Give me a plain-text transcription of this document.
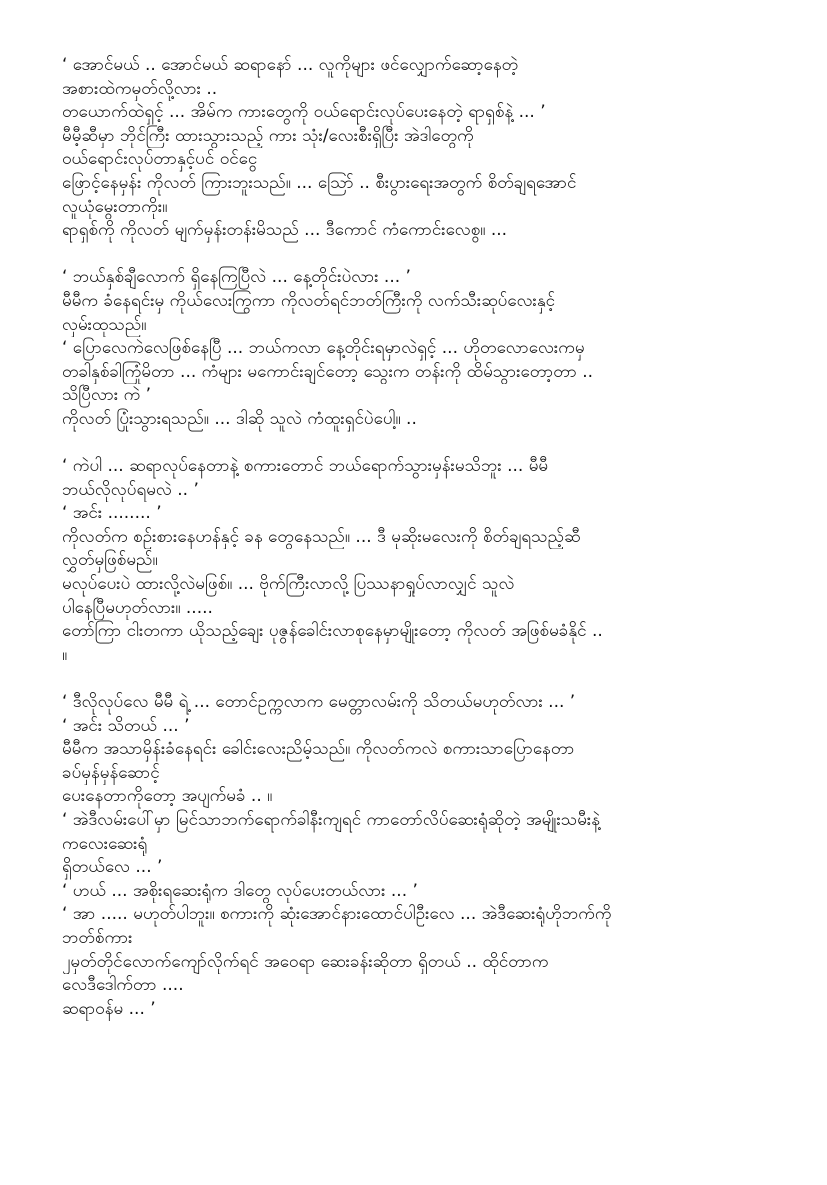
‘ အောင်မယ် .. အောင်မယ် ဆရာနော် ... လူကိုများ ဖင်လျှောက်ဆော့နေတဲ့
အစားထဲကမှတ်လို့လား ..
တယောက်ထဲရှင့် ... အိမ်က ကားတွေကို ဝယ်ရောင်းလုပ်ပေးနေတဲ့ ရာရှစ်နဲ့ ... ’
မီမီ့ဆီမှာ ဘိုင်ကြီး ထားသွားသည့် ကား သုံး/လေးစီးရှိပြီး အဲဒါတွေကို
ဝယ်ရောင်းလုပ်တာနှင့်ပင် ဝင်ငွေ
ဖြောင့်နေမှန်း ကိုလတ် ကြားဘူးသည်။ ... သြော် .. စီးပွားရေးအတွက် စိတ်ချရအောင်
လူယုံမွေးတာကိုး။
ရာရှစ်ကို ကိုလတ် မျက်မှန်းတန်းမိသည် ... ဒီကောင် ကံကောင်းလေစွ။ ...
‘ ဘယ်နှစ်ချီလောက် ရှိနေကြပြီလဲ ... နေ့တိုင်းပဲလား ... ’
မီမီက ခံနေရင်းမှ ကိုယ်လေးကြွကာ ကိုလတ်ရင်ဘတ်ကြီးကို လက်သီးဆုပ်လေးနှင့်
လှမ်းထုသည်။
‘ ပြောလေကဲလေဖြစ်နေပြီ ... ဘယ်ကလာ နေ့တိုင်းရမှာလဲရှင့် ... ဟိုတလောလေးကမှ
တခါနှစ်ခါကြုံမိတာ ... ကံများ မကောင်းချင်တော့ သွေးက တန်းကို ထိမ်သွားတော့တာ ..
သိပြီလား ကဲ ’
ကိုလတ် ပြုံးသွားရသည်။ ... ဒါဆို သူလဲ ကံထူးရှင်ပဲပေါ့။ ..
‘ ကဲပါ ... ဆရာလုပ်နေတာနဲ့ စကားတောင် ဘယ်ရောက်သွားမှန်းမသိဘူး ... မီမီ
ဘယ်လိုလုပ်ရမလဲ .. ’
‘ အင်း ........ ’
ကိုလတ်က စဉ်းစားနေဟန်နှင့် ခန တွေနေသည်။ ... ဒီ မုဆိုးမလေးကို စိတ်ချရသည့်ဆီ
လွှတ်မှဖြစ်မည်။
မလုပ်ပေးပဲ ထားလို့လဲမဖြစ်။ ... ဗိုက်ကြီးလာလို့ ပြဿနာရှုပ်လာလျှင် သူလဲ
ပါနေပြီမဟုတ်လား။ .....
တော်ကြာ ငါးတကာ ယိုသည့်ချေး ပုဇွန်ခေါင်းလာစုနေမှာမျိုးတော့ ကိုလတ် အဖြစ်မခံနိုင် ..
။
‘ ဒီလိုလုပ်လေ မီမီ ရဲ့ ... တောင်ဥက္ကလာက မေတ္တာလမ်းကို သိတယ်မဟုတ်လား ... ’
‘ အင်း သိတယ် ... ’
မီမီက အသာမှိန်းခံနေရင်း ခေါင်းလေးညိမ့်သည်။ ကိုလတ်ကလဲ စကားသာပြောနေတာ
ခပ်မှန်မှန်ဆောင့်
ပေးနေတာကိုတော့ အပျက်မခံ .. ။
‘ အဲဒီလမ်းပေါ်မှာ မြင်သာဘက်ရောက်ခါနီးကျရင် ကာတော်လိပ်ဆေးရုံဆိုတဲ့ အမျိုးသမီးနဲ့
ကလေးဆေးရုံ
ရှိတယ်လေ ... ’
‘ ဟယ် ... အစိုးရဆေးရုံက ဒါတွေ လုပ်ပေးတယ်လား ... ’
‘ အာ ..... မဟုတ်ပါဘူး။ စကားကို ဆုံးအောင်နားထောင်ပါဦးလေ ... အဲဒီဆေးရုံဟိုဘက်ကို
ဘတ်စ်ကား
၂မှတ်တိုင်လောက်ကျော်လိုက်ရင် အဝေရာ ဆေးခန်းဆိုတာ ရှိတယ် .. ထိုင်တာက
လေဒီဒေါက်တာ ....
ဆရာဝန်မ ... ’
